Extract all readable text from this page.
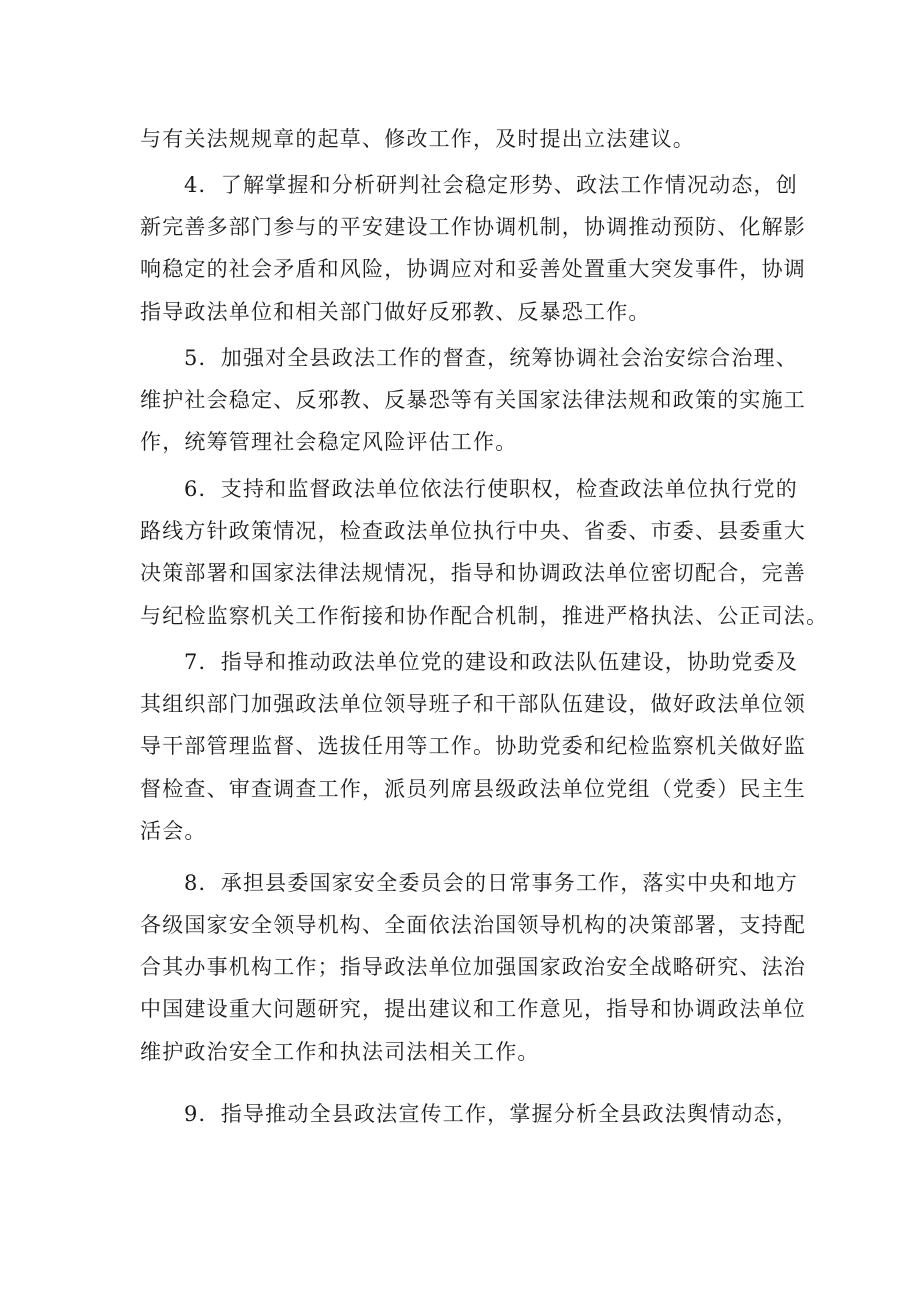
与有关法规规章的起草、修改工作，及时提出立法建议。
4．了解掌握和分析研判社会稳定形势、政法工作情况动态，创
新完善多部门参与的平安建设工作协调机制，协调推动预防、化解影
响稳定的社会矛盾和风险，协调应对和妥善处置重大突发事件，协调
指导政法单位和相关部门做好反邪教、反暴恐工作。
5．加强对全县政法工作的督查，统筹协调社会治安综合治理、
维护社会稳定、反邪教、反暴恐等有关国家法律法规和政策的实施工
作，统筹管理社会稳定风险评估工作。
6．支持和监督政法单位依法行使职权，检查政法单位执行党的
路线方针政策情况，检查政法单位执行中央、省委、市委、县委重大
决策部署和国家法律法规情况，指导和协调政法单位密切配合，完善
与纪检监察机关工作衔接和协作配合机制，推进严格执法、公正司法。
7．指导和推动政法单位党的建设和政法队伍建设，协助党委及
其组织部门加强政法单位领导班子和干部队伍建设，做好政法单位领
导干部管理监督、选拔任用等工作。协助党委和纪检监察机关做好监
督检查、审查调查工作，派员列席县级政法单位党组（党委）民主生
活会。
8．承担县委国家安全委员会的日常事务工作，落实中央和地方
各级国家安全领导机构、全面依法治国领导机构的决策部署，支持配
合其办事机构工作；指导政法单位加强国家政治安全战略研究、法治
中国建设重大问题研究，提出建议和工作意见，指导和协调政法单位
维护政治安全工作和执法司法相关工作。
9．指导推动全县政法宣传工作，掌握分析全县政法舆情动态，
